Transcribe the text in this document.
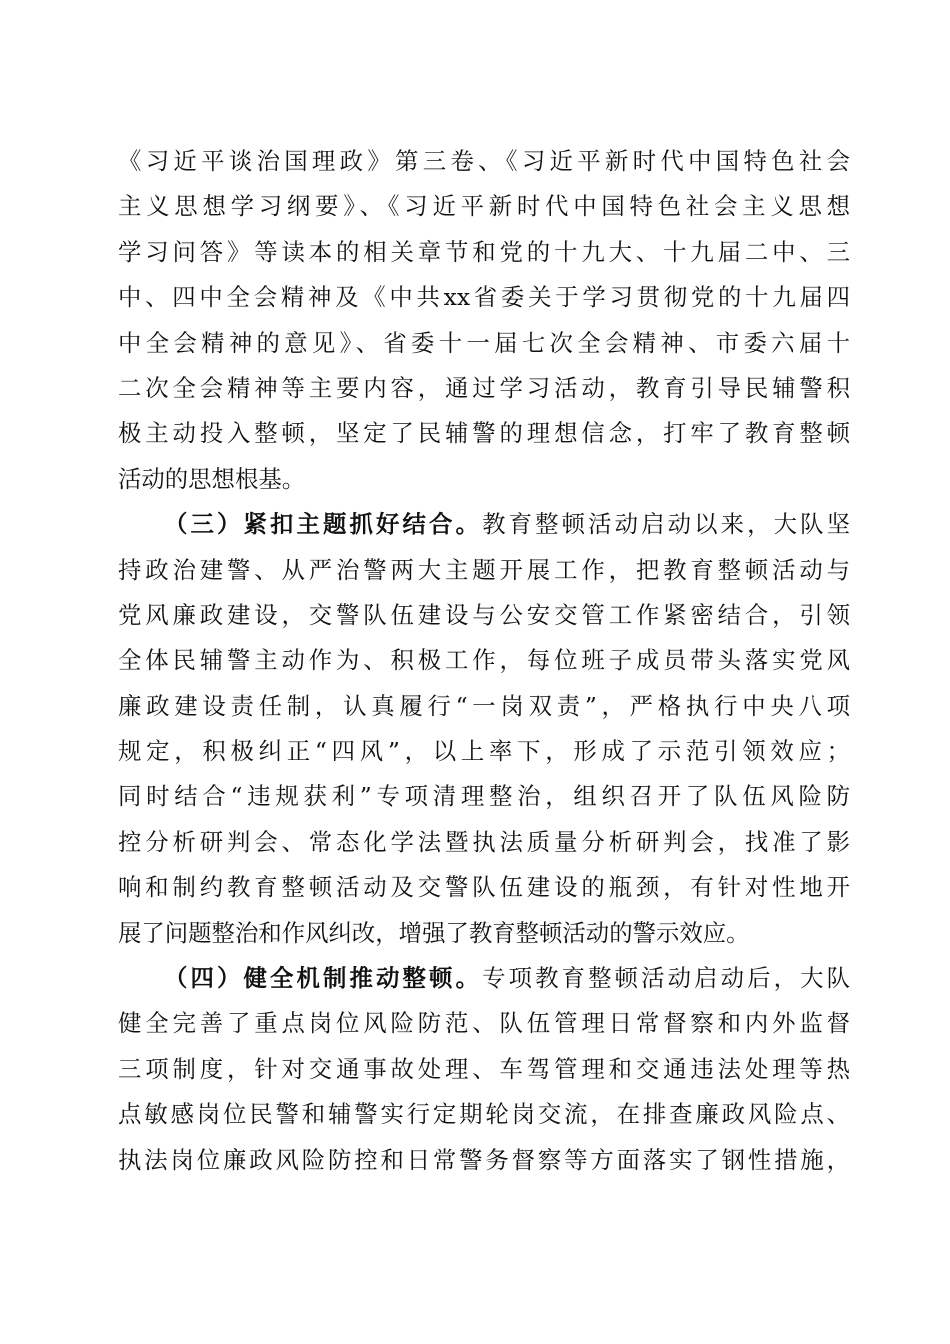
《习近平谈治国理政》第三卷、《习近平新时代中国特色社会
主义思想学习纲要》、《习近平新时代中国特色社会主义思想
学习问答》等读本的相关章节和党的十九大、十九届二中、三
中、四中全会精神及《中共xx省委关于学习贯彻党的十九届四
中全会精神的意见》、省委十一届七次全会精神、市委六届十
二次全会精神等主要内容，通过学习活动，教育引导民辅警积
极主动投入整顿，坚定了民辅警的理想信念，打牢了教育整顿
活动的思想根基。
（三）紧扣主题抓好结合。教育整顿活动启动以来，大队坚
持政治建警、从严治警两大主题开展工作，把教育整顿活动与
党风廉政建设，交警队伍建设与公安交管工作紧密结合，引领
全体民辅警主动作为、积极工作，每位班子成员带头落实党风
廉政建设责任制，认真履行“一岗双责”，严格执行中央八项
规定，积极纠正“四风”，以上率下，形成了示范引领效应；
同时结合“违规获利”专项清理整治，组织召开了队伍风险防
控分析研判会、常态化学法暨执法质量分析研判会，找准了影
响和制约教育整顿活动及交警队伍建设的瓶颈，有针对性地开
展了问题整治和作风纠改，增强了教育整顿活动的警示效应。
（四）健全机制推动整顿。专项教育整顿活动启动后，大队
健全完善了重点岗位风险防范、队伍管理日常督察和内外监督
三项制度，针对交通事故处理、车驾管理和交通违法处理等热
点敏感岗位民警和辅警实行定期轮岗交流，在排查廉政风险点、
执法岗位廉政风险防控和日常警务督察等方面落实了钢性措施，
